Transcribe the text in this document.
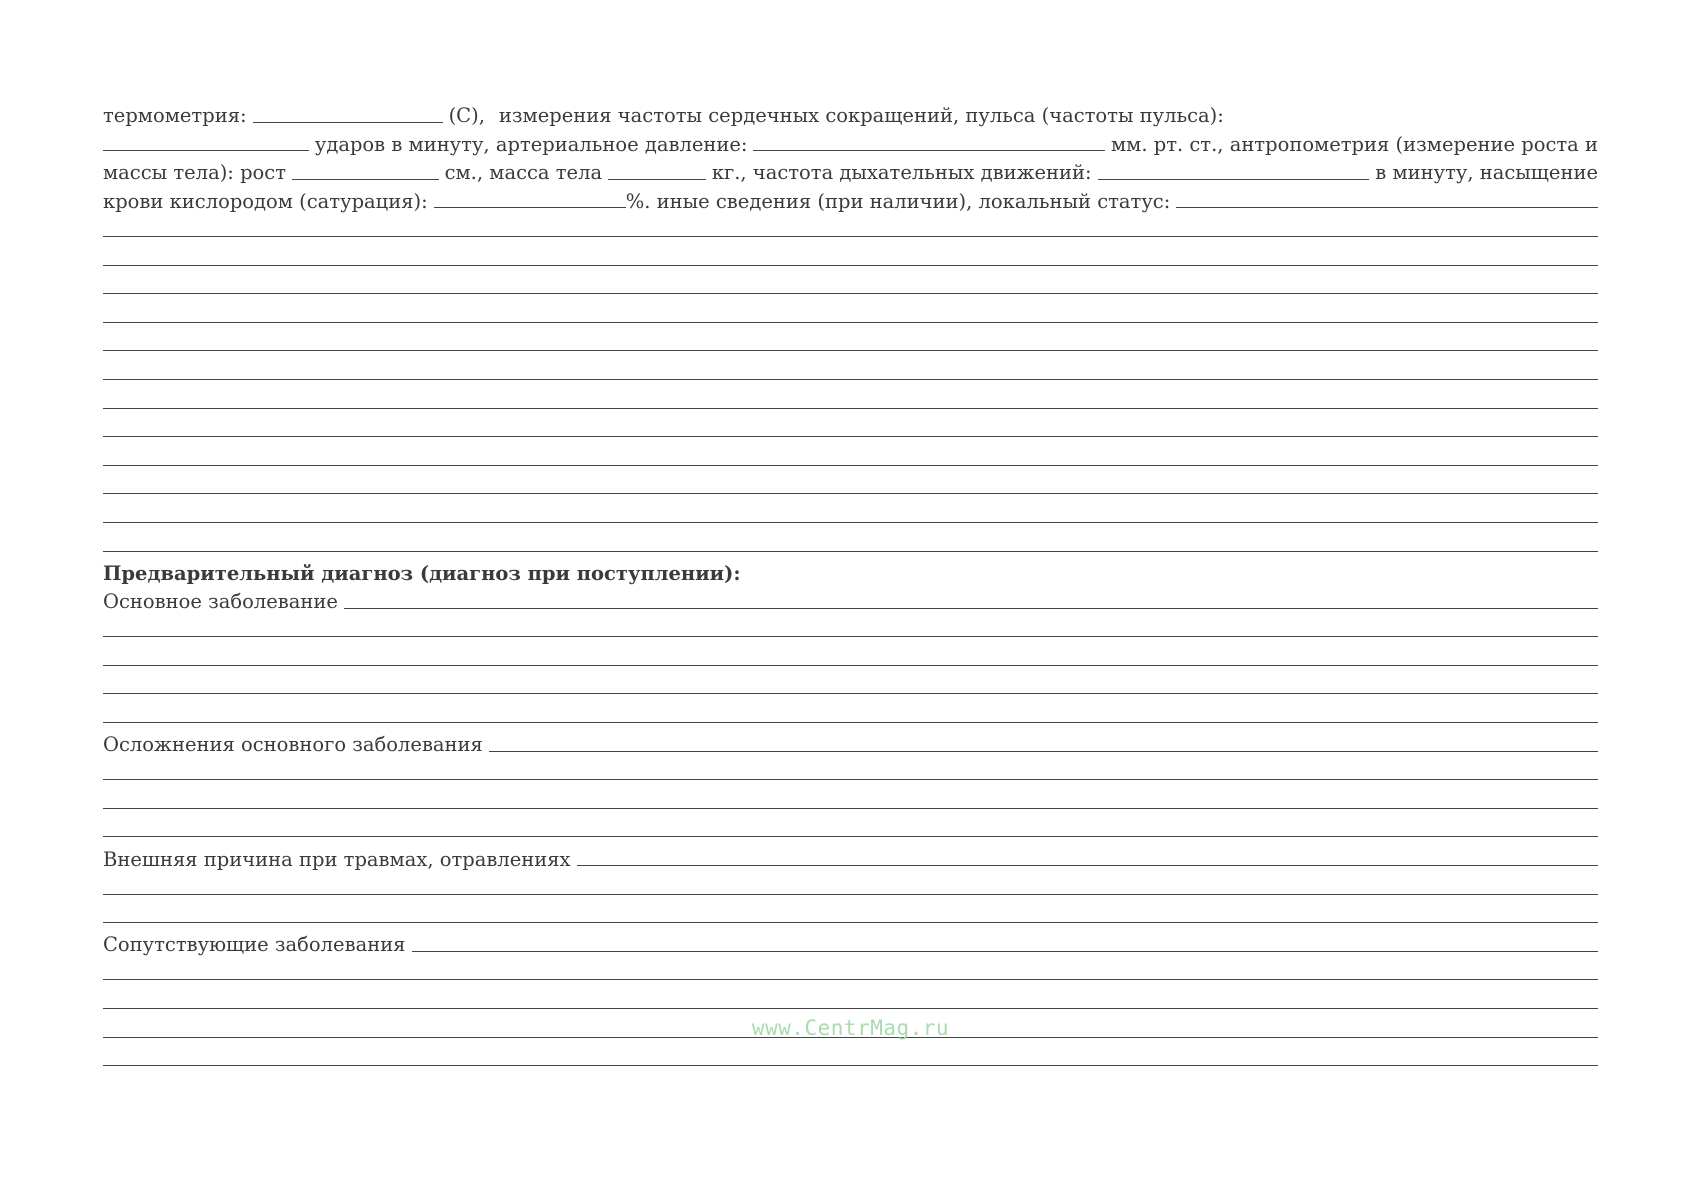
термометрия:	(С), измерения частоты сердечных сокращений, пульса (частоты пульса):
ударов в минуту, артериальное давление:	мм. рт. ст., антропометрия (измерение роста и
массы тела): рост	см., масса тела	кг., частота дыхательных движений:	в минуту, насыщение
крови кислородом (сатурация):	%. иные сведения (при наличии), локальный статус:
Предварительный диагноз (диагноз при поступлении):
Основное заболевание
Осложнения основного заболевания
Внешняя причина при травмах, отравлениях
Сопутствующие заболевания
www.CentrMag.ru
